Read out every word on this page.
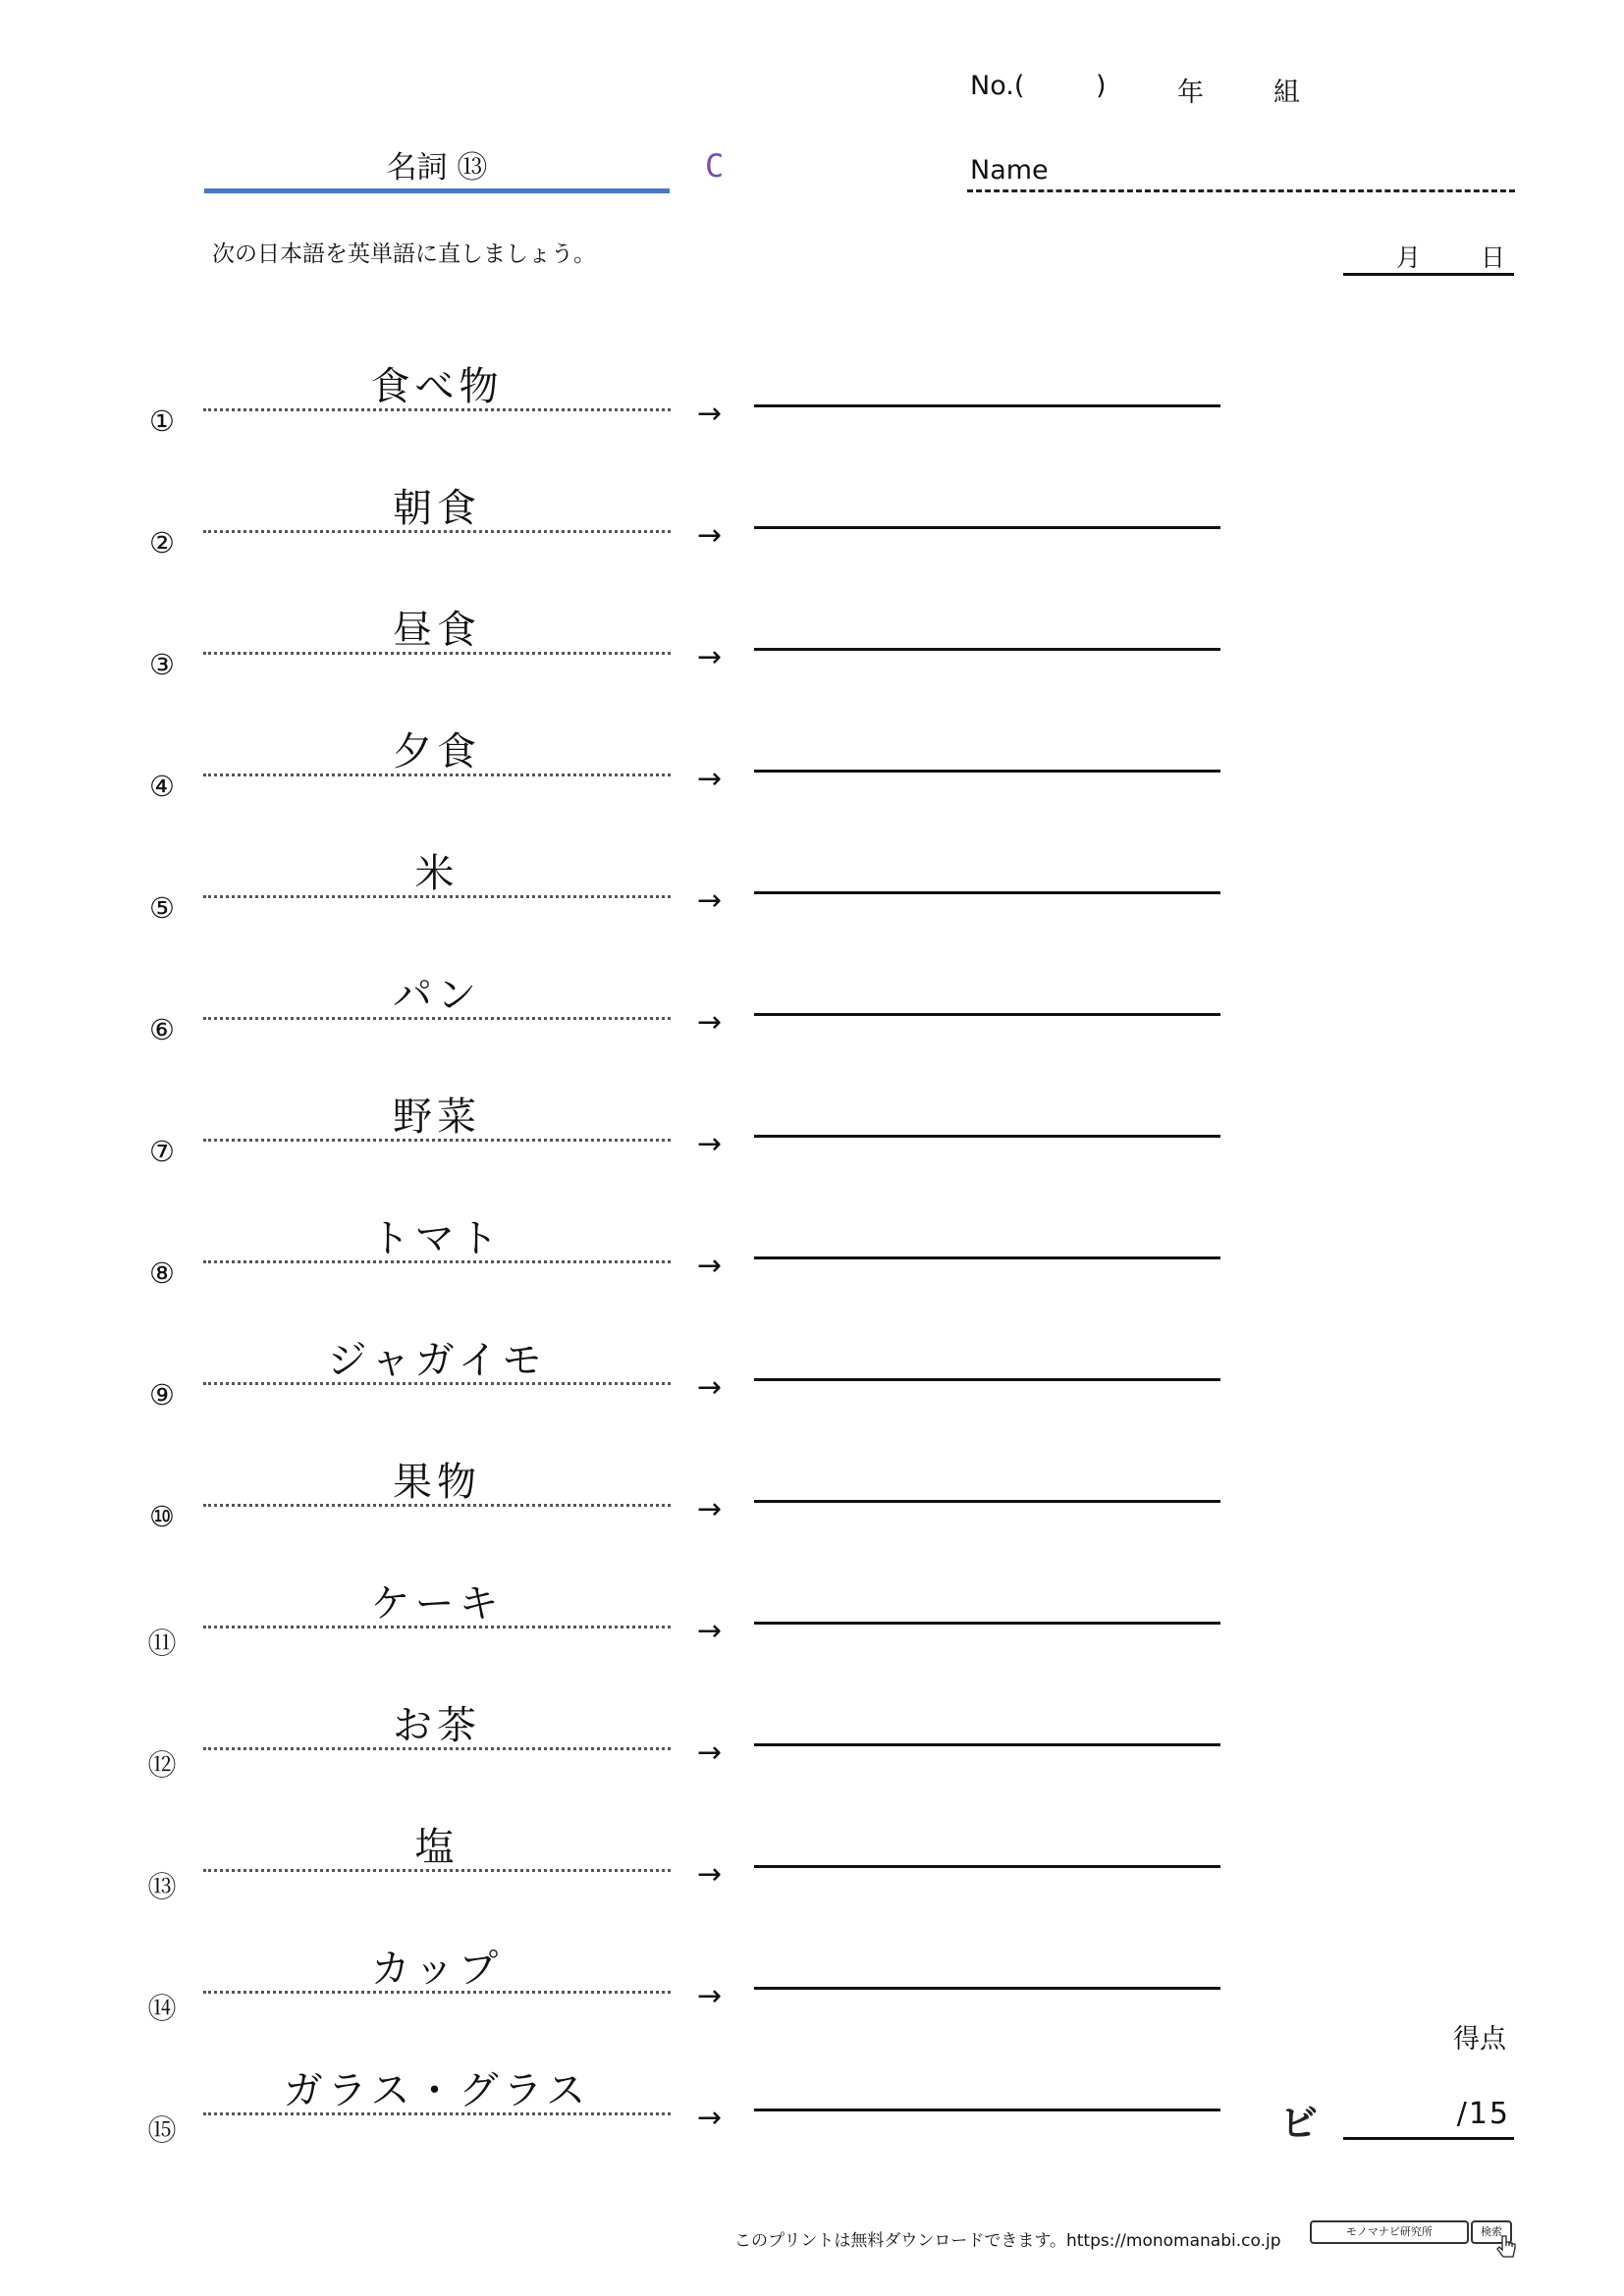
No.(	)	年	組
名詞 ⑬	C	Name
次の日本語を英単語に直しましょう。	月 日
①
食べ物
→
②
朝食
→
③
昼食
→
④
夕食
→
⑤
米
→
⑥
パン
→
⑦
野菜
→
⑧
トマト
→
⑨
ジャガイモ
→
⑩
果物
→
⑪
ケーキ
→
⑫
お茶
→
⑬
塩
→
⑭
カップ
→
⑮
ガラス・グラス
→
得点
ビ	/15
このプリントは無料ダウンロードできます。https://monomanabi.co.jp	モノマナビ研究所	検索
